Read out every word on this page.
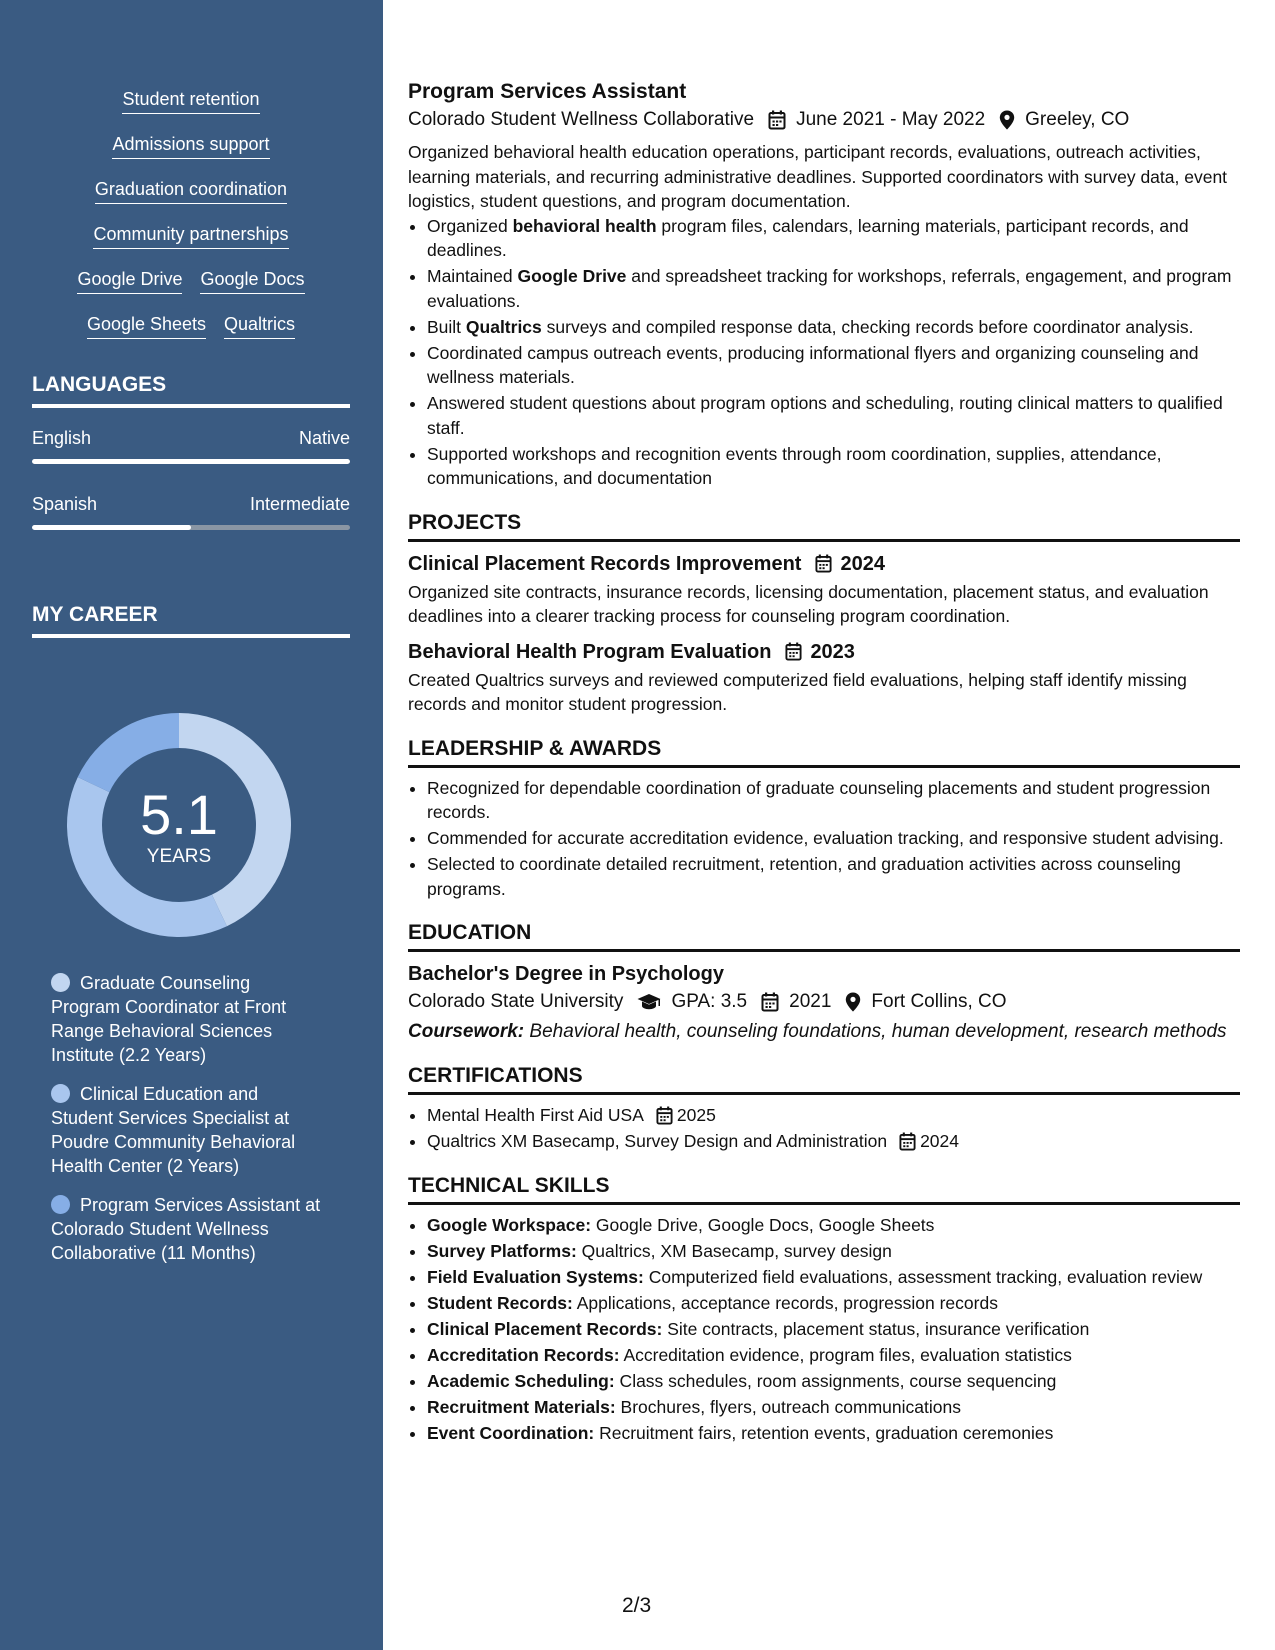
Student retention
Admissions support
Graduation coordination
Community partnerships
Google Drive Google Docs
Google Sheets Qualtrics
LANGUAGES
English	Native
Spanish	Intermediate
MY CAREER
5.1
YEARS
Graduate Counseling Program Coordinator at Front Range Behavioral Sciences Institute (2.2 Years)
Clinical Education and Student Services Specialist at Poudre Community Behavioral Health Center (2 Years)
Program Services Assistant at Colorado Student Wellness Collaborative (11 Months)
Program Services Assistant
Colorado Student Wellness Collaborative June 2021 - May 2022 Greeley, CO
Organized behavioral health education operations, participant records, evaluations, outreach activities, learning materials, and recurring administrative deadlines. Supported coordinators with survey data, event logistics, student questions, and program documentation.
• Organized behavioral health program files, calendars, learning materials, participant records, and deadlines.
• Maintained Google Drive and spreadsheet tracking for workshops, referrals, engagement, and program evaluations.
• Built Qualtrics surveys and compiled response data, checking records before coordinator analysis.
• Coordinated campus outreach events, producing informational flyers and organizing counseling and wellness materials.
• Answered student questions about program options and scheduling, routing clinical matters to qualified staff.
• Supported workshops and recognition events through room coordination, supplies, attendance, communications, and documentation
PROJECTS
Clinical Placement Records Improvement 2024
Organized site contracts, insurance records, licensing documentation, placement status, and evaluation deadlines into a clearer tracking process for counseling program coordination.
Behavioral Health Program Evaluation 2023
Created Qualtrics surveys and reviewed computerized field evaluations, helping staff identify missing records and monitor student progression.
LEADERSHIP & AWARDS
• Recognized for dependable coordination of graduate counseling placements and student progression records.
• Commended for accurate accreditation evidence, evaluation tracking, and responsive student advising.
• Selected to coordinate detailed recruitment, retention, and graduation activities across counseling programs.
EDUCATION
Bachelor's Degree in Psychology
Colorado State University	GPA: 3.5 2021 Fort Collins, CO
Coursework: Behavioral health, counseling foundations, human development, research methods
CERTIFICATIONS
• Mental Health First Aid USA 2025
• Qualtrics XM Basecamp, Survey Design and Administration 2024
TECHNICAL SKILLS
• Google Workspace: Google Drive, Google Docs, Google Sheets
• Survey Platforms: Qualtrics, XM Basecamp, survey design
• Field Evaluation Systems: Computerized field evaluations, assessment tracking, evaluation review
• Student Records: Applications, acceptance records, progression records
• Clinical Placement Records: Site contracts, placement status, insurance verification
• Accreditation Records: Accreditation evidence, program files, evaluation statistics
• Academic Scheduling: Class schedules, room assignments, course sequencing
• Recruitment Materials: Brochures, flyers, outreach communications
• Event Coordination: Recruitment fairs, retention events, graduation ceremonies
2/3
